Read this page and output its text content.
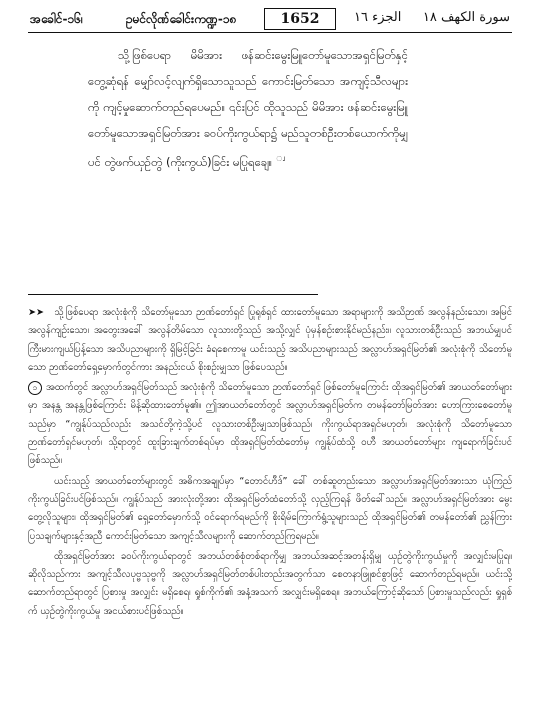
အခေါင်-၁၆၊	ဥမင်လိုဏ်ခေါင်းကဏ္ဍ-၁၈	1652	الجزء ١٦ سورة الكهف ١٨

သို့ဖြစ်ပေရာ မိမိအား ဖန်ဆင်းမွေးမြူတော်မူသောအရှင်မြတ်နှင့် တွေ့ဆုံရန် မျှော်လင့်လျက်ရှိသောသူသည် ကောင်းမြတ်သော အကျင့်သီလများကို ကျင့်မှုဆောက်တည်ရပေမည်။ ၎င်းပြင် ထိုသူသည် မိမိအား ဖန်ဆင်းမွေးမြူတော်မူသောအရှင်မြတ်အား ခဝပ်ကိုးကွယ်ရာ၌ မည်သူတစ်ဦးတစ်ယောက်ကိုမျှပင် တွဲဖက်ယှဉ်တွဲ (ကိုးကွယ်)ခြင်း မပြုရချေ။ ၪ

➤➤ သို့ဖြစ်ပေရာ အလုံးစုံကို သိတော်မူသော ဉာဏ်တော်ရှင် ပြုရုစ်ရှင် ထားတော်မူသော အရာများကို အသိဉာဏ် အလွန်နည်းသော၊ အမြင်အလွန်ကျဉ်းသော၊ အတွေးအခေါ် အလွန်တိမ်သော လူသားတို့သည် အသို့လျှင် ပုံမှန်စဉ်းစားနိုင်မည်နည်း။ လူသားတစ်ဦးသည် အဘယ်မျှပင် ကြီးမားကျယ်ပြန့်သော အသိပညာများကို ရှိမြင့်ခြင်း ခံရစေကာမူ ယင်းသည့် အသိပညာများသည် အလ္လာဟ်အရှင်မြတ်၏ အလုံးစုံကို သိတော်မူသော ဉာဏ်တော်ရှေ့မှောက်တွင်ကား အနည်းငယ် စိုးစဉ်းမျှသာ ဖြစ်ပေသည်။

၁ အထက်တွင် အလ္လာဟ်အရှင်မြတ်သည် အလုံးစုံကို သိတော်မူသော ဉာဏ်တော်ရှင် ဖြစ်တော်မူကြောင်း ထိုအရှင်မြတ်၏ အာယတ်တော်များမှာ အနန္တ အနန္တဖြစ်ကြောင်း မိန့်ဆိုထားတော်မူ၏။ ဤအာယတ်တော်တွင် အလ္လာဟ်အရှင်မြတ်က တမန်တော်မြတ်အား ဟောကြားစေတော်မူသည်မှာ “ကျွန်ုပ်သည်လည်း အသင်တို့ကဲ့သို့ပင် လူသားတစ်ဦးမျှသာဖြစ်သည်၊ ကိုးကွယ်ရာအရှင်မဟုတ်၊ အလုံးစုံကို သိတော်မူသော ဉာဏ်တော်ရှင်မဟုတ်၊ သို့ရာတွင် ထူးခြားချက်တစ်ရပ်မှာ ထိုအရှင်မြတ်ထံတော်မှ ကျွန်ုပ်ထံသို့ ဝဟီ အာယတ်တော်များ ကျရောက်ခြင်းပင်ဖြစ်သည်။

ယင်းသည့် အာယတ်တော်များတွင် အဓိကအချုပ်မှာ “တောင်ဟီဒ်” ခေါ် တစ်ဆူတည်းသော အလ္လာဟ်အရှင်မြတ်အားသာ ယုံကြည်ကိုးကွယ်ခြင်းပင်ဖြစ်သည်။ ကျွန်ုပ်သည် အားလုံးတို့အား ထိုအရှင်မြတ်ထံတော်သို့ လှည့်ကြရန် ဖိတ်ခေါ်သည်။ အလ္လာဟ်အရှင်မြတ်အား မွေးတွေ့လိုသူများ၊ ထိုအရှင်မြတ်၏ ရှေ့တော်မှောက်သို့ ဝင်ရောက်ရမည်ကို စိုးရိမ်ကြောက်ရွံ့သူများသည် ထိုအရှင်မြတ်၏ တမန်တော်၏ ညွှန်ကြားပြသချက်များနှင့်အညီ ကောင်းမြတ်သော အကျင့်သီလများကို ဆောက်တည်ကြရမည်။

ထိုအရှင်မြတ်အား ခဝပ်ကိုးကွယ်ရာတွင် အဘယ်တစ်စုံတစ်ရာကိုမျှ အဘယ်အဆင့်အတန်းရှိမျှ ယှဉ်တွဲကိုးကွယ်မှုကို အလျှင်းမပြုရ။ ဆိုလိုသည်ကား အကျင့်သီလပုဗ္ဗသုဗ္ဗကို အလ္လာဟ်အရှင်မြတ်တစ်ပါးတည်းအတွက်သာ စေတနာဖြူစင်စွာဖြင့် ဆောက်တည်ရမည်။ ယင်းသို့ ဆောက်တည်ရာတွင် ပြစားမှု အလျှင်း မရှိစေရ၊ ရှုစ်ကိုက်၏ အနံ့အသက် အလျှင်းမရှိစေရ။ အဘယ်ကြောင့်ဆိုသော် ပြစားမှုသည်လည်း ရှုရှစ်က် ယှဉ်တွဲကိုးကွယ်မှု အငယ်စားပင်ဖြစ်သည်။
